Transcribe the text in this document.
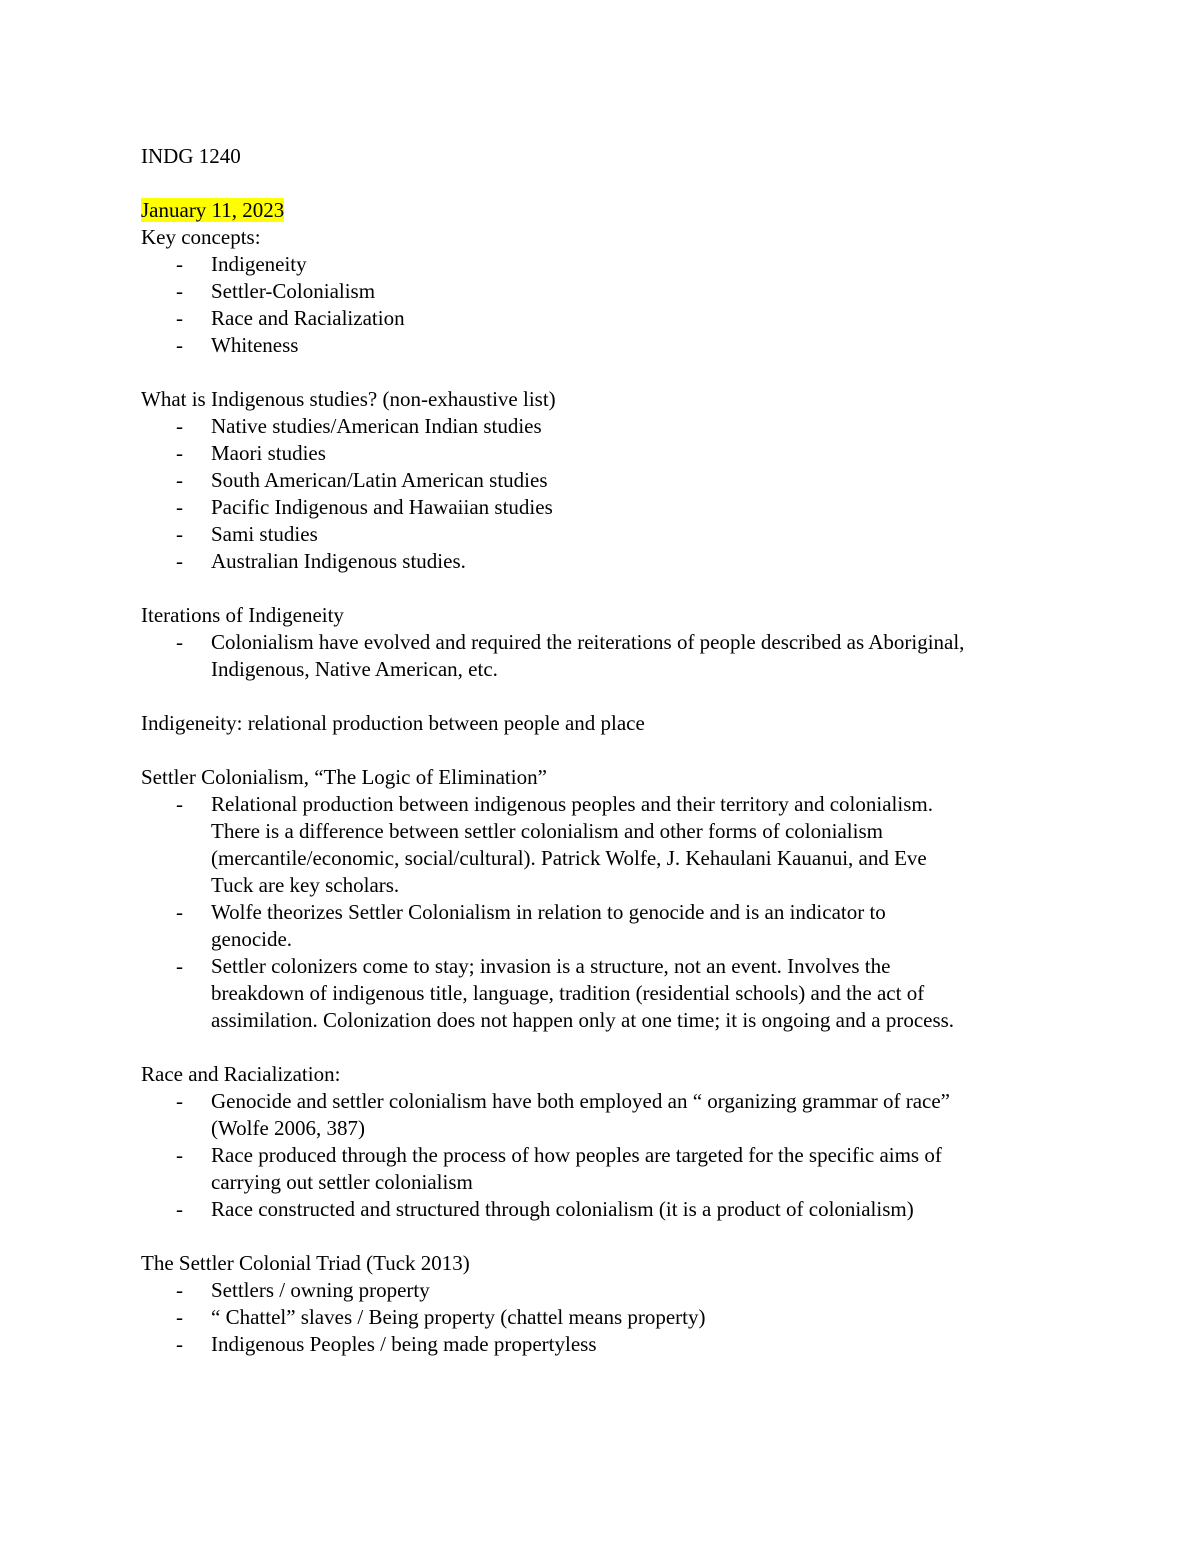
INDG 1240

January 11, 2023

Key concepts:

- Indigeneity
- Settler-Colonialism
- Race and Racialization
- Whiteness

What is Indigenous studies? (non-exhaustive list)

- Native studies/American Indian studies
- Maori studies
- South American/Latin American studies
- Pacific Indigenous and Hawaiian studies
- Sami studies
- Australian Indigenous studies.

Iterations of Indigeneity

- Colonialism have evolved and required the reiterations of people described as Aboriginal,
Indigenous, Native American, etc.

Indigeneity: relational production between people and place

Settler Colonialism, “The Logic of Elimination”

- Relational production between indigenous peoples and their territory and colonialism.
There is a difference between settler colonialism and other forms of colonialism
(mercantile/economic, social/cultural). Patrick Wolfe, J. Kehaulani Kauanui, and Eve
Tuck are key scholars.
- Wolfe theorizes Settler Colonialism in relation to genocide and is an indicator to
genocide.
- Settler colonizers come to stay; invasion is a structure, not an event. Involves the
breakdown of indigenous title, language, tradition (residential schools) and the act of
assimilation. Colonization does not happen only at one time; it is ongoing and a process.

Race and Racialization:

- Genocide and settler colonialism have both employed an “ organizing grammar of race”
(Wolfe 2006, 387)
- Race produced through the process of how peoples are targeted for the specific aims of
carrying out settler colonialism
- Race constructed and structured through colonialism (it is a product of colonialism)

The Settler Colonial Triad (Tuck 2013)

- Settlers / owning property
- “ Chattel” slaves / Being property (chattel means property)
- Indigenous Peoples / being made propertyless
